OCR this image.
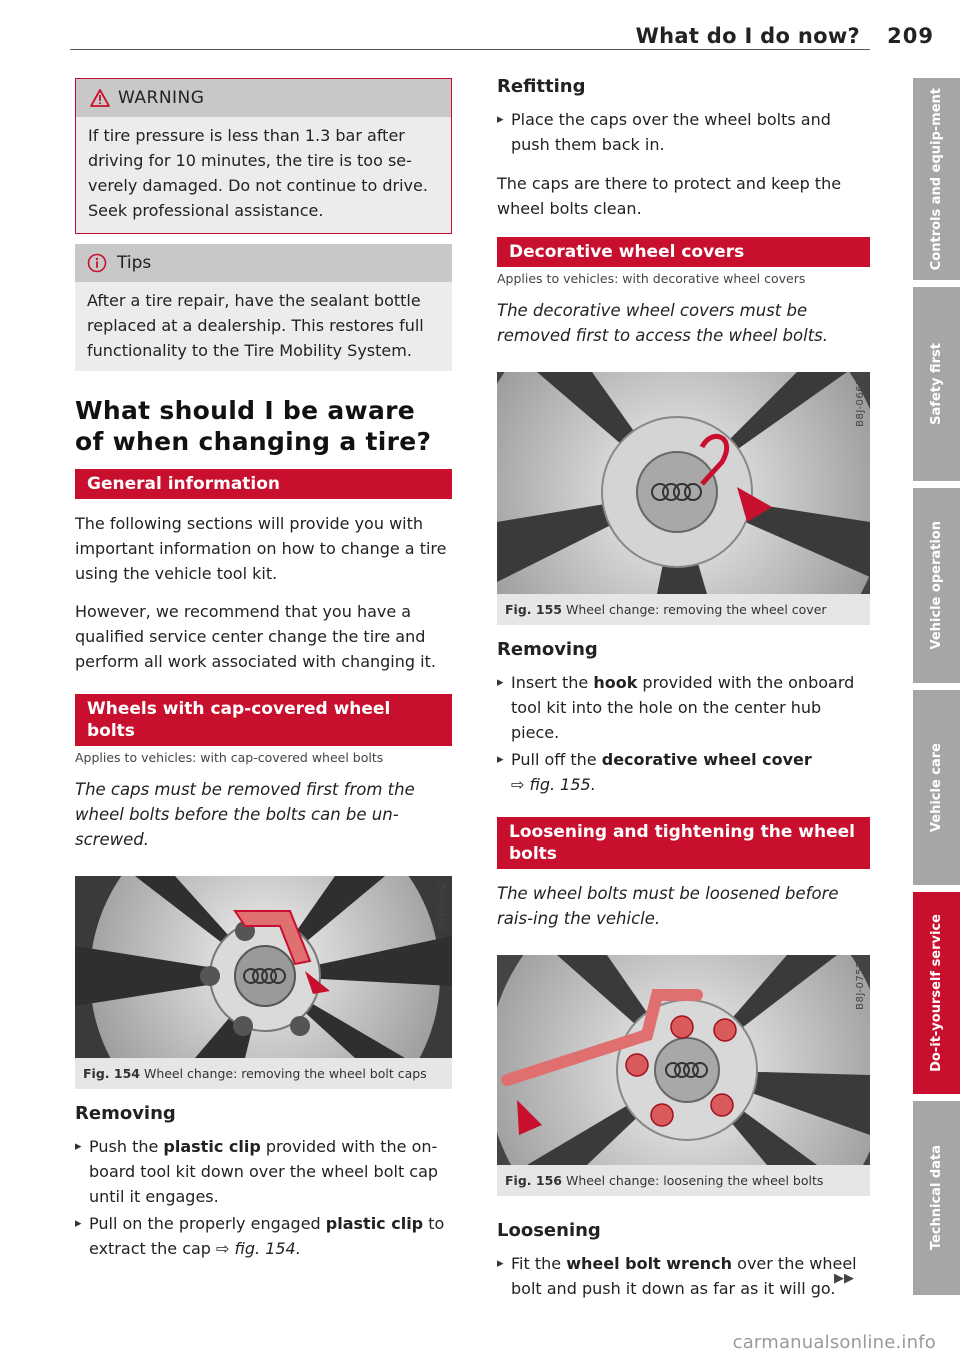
What do I do now? 209
WARNING
If tire pressure is less than 1.3 bar after driving for 10 minutes, the tire is too se-verely damaged. Do not continue to drive. Seek professional assistance.
Tips
After a tire repair, have the sealant bottle replaced at a dealership. This restores full functionality to the Tire Mobility System.
What should I be aware of when changing a tire?
General information

The following sections will provide you with important information on how to change a tire using the vehicle tool kit.

However, we recommend that you have a qualified service center change the tire and perform all work associated with changing it.

Wheels with cap-covered wheel bolts
Applies to vehicles: with cap-covered wheel bolts
The caps must be removed first from the wheel bolts before the bolts can be un-screwed.
B8J-0662
Fig. 154 Wheel change: removing the wheel bolt caps
Removing
▸ Push the plastic clip provided with the on-board tool kit down over the wheel bolt cap until it engages.
▸ Pull on the properly engaged plastic clip to extract the cap ⇨ fig. 154.
Refitting
▸ Place the caps over the wheel bolts and push them back in.
The caps are there to protect and keep the wheel bolts clean.
Decorative wheel covers
Applies to vehicles: with decorative wheel covers
The decorative wheel covers must be removed first to access the wheel bolts.
B8J-0663
Fig. 155 Wheel change: removing the wheel cover
Removing
▸ Insert the hook provided with the onboard tool kit into the hole on the center hub piece.
▸ Pull off the decorative wheel cover
⇨ fig. 155.
Loosening and tightening the wheel bolts
The wheel bolts must be loosened before rais-ing the vehicle.
B8J-0752
Fig. 156 Wheel change: loosening the wheel bolts
Loosening
▸ Fit the wheel bolt wrench over the wheel bolt and push it down as far as it will go.
▶▶
Controls and equip-ment
Safety first
Vehicle operation
Vehicle care
Do-it-yourself service
Technical data
carmanualsonline.info
